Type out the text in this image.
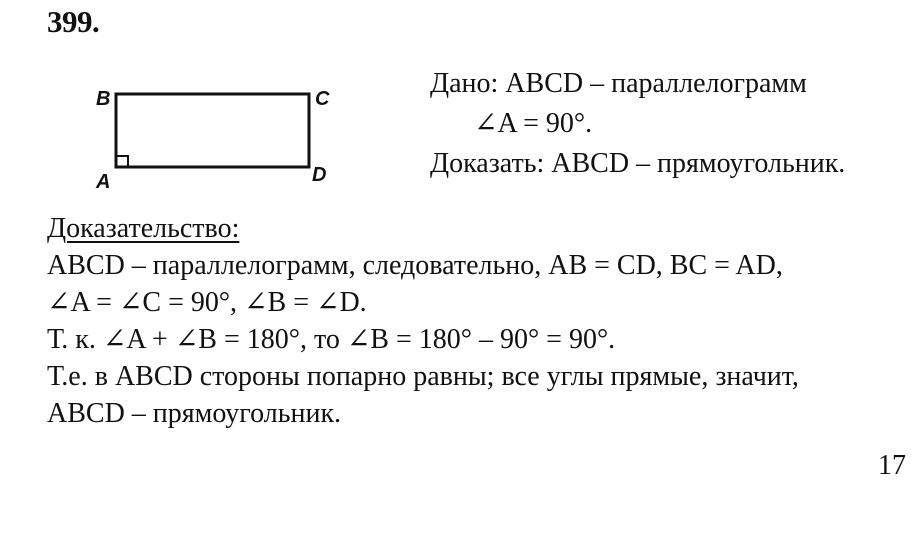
399.
B	C
A	D
Дано: ABCD – параллелограмм
∠A = 90°.
Доказать: ABCD – прямоугольник.
Доказательство:
ABCD – параллелограмм, следовательно, AB = CD, BC = AD,
∠A = ∠C = 90°, ∠B = ∠D.
Т. к. ∠A + ∠B = 180°, то ∠B = 180° – 90° = 90°.
Т.е. в ABCD стороны попарно равны; все углы прямые, значит,
ABCD – прямоугольник.
17
